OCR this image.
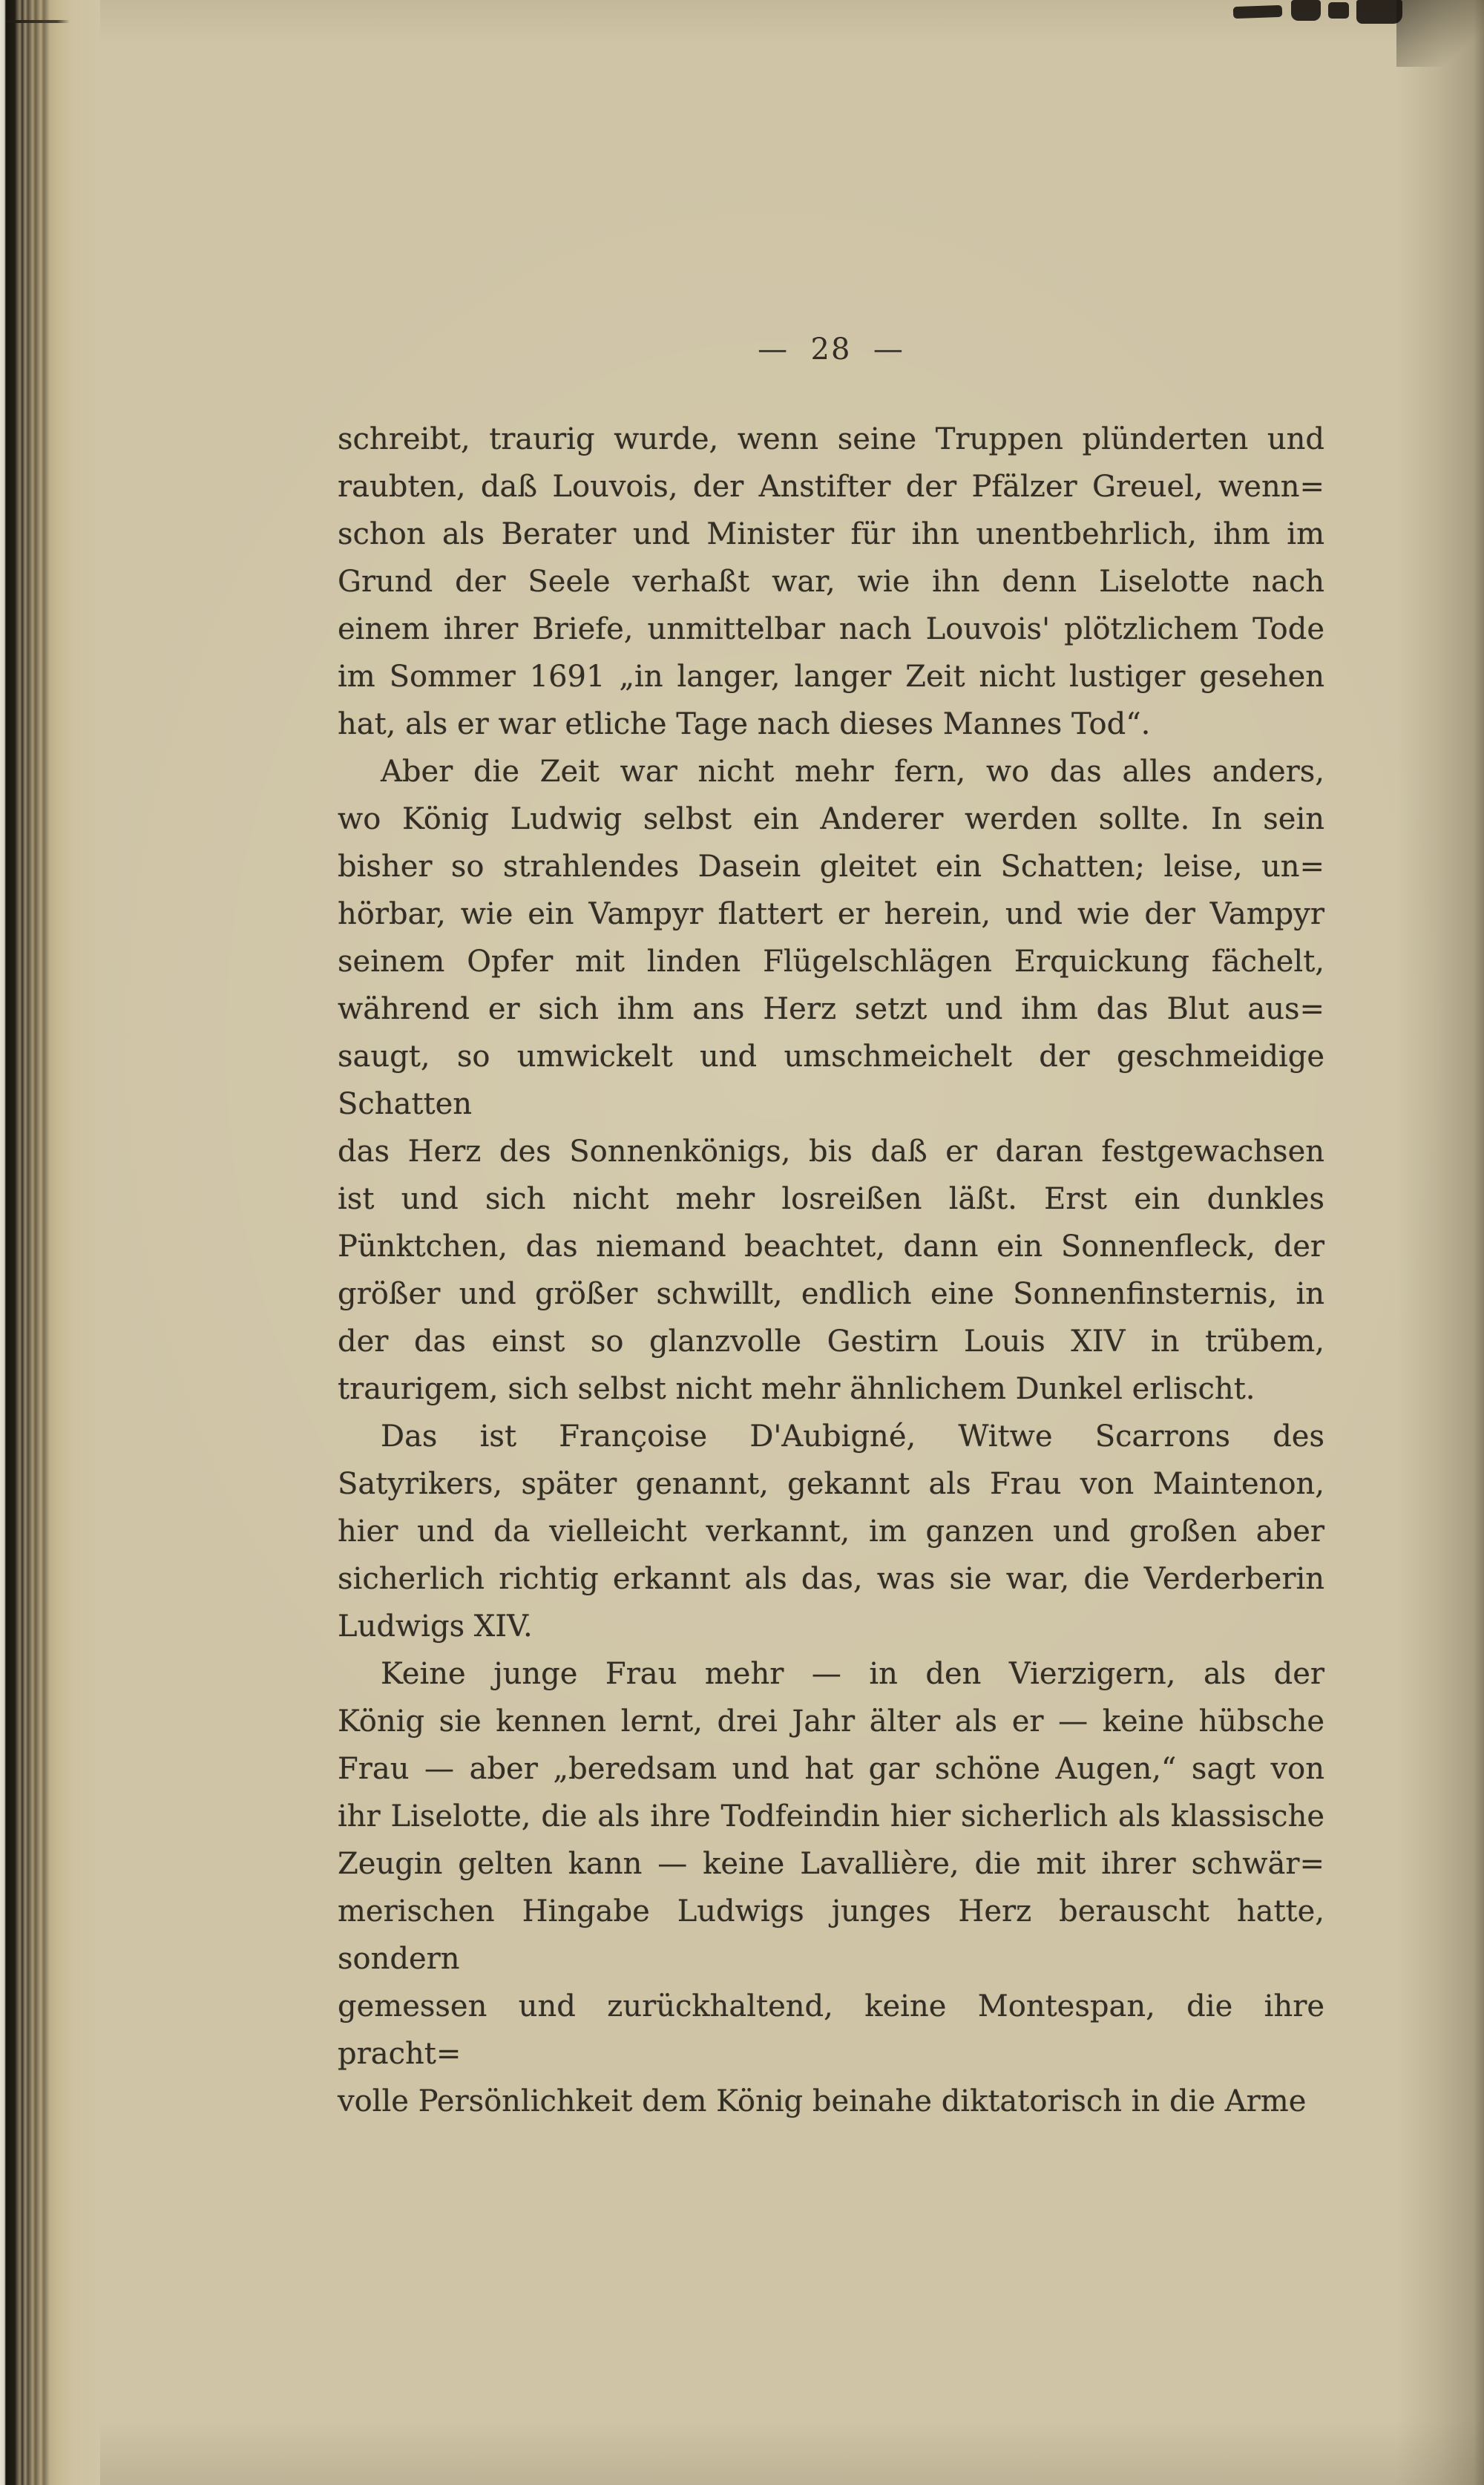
—  28  —
schreibt, traurig wurde, wenn seine Truppen plünderten und
raubten, daß Louvois, der Anstifter der Pfälzer Greuel, wenn=
schon als Berater und Minister für ihn unentbehrlich, ihm im
Grund der Seele verhaßt war, wie ihn denn Liselotte nach
einem ihrer Briefe, unmittelbar nach Louvois' plötzlichem Tode
im Sommer 1691 „in langer, langer Zeit nicht lustiger gesehen
hat, als er war etliche Tage nach dieses Mannes Tod“.
Aber die Zeit war nicht mehr fern, wo das alles anders,
wo König Ludwig selbst ein Anderer werden sollte. In sein
bisher so strahlendes Dasein gleitet ein Schatten; leise, un=
hörbar, wie ein Vampyr flattert er herein, und wie der Vampyr
seinem Opfer mit linden Flügelschlägen Erquickung fächelt,
während er sich ihm ans Herz setzt und ihm das Blut aus=
saugt, so umwickelt und umschmeichelt der geschmeidige Schatten
das Herz des Sonnenkönigs, bis daß er daran festgewachsen
ist und sich nicht mehr losreißen läßt. Erst ein dunkles
Pünktchen, das niemand beachtet, dann ein Sonnenfleck, der
größer und größer schwillt, endlich eine Sonnenfinsternis, in
der das einst so glanzvolle Gestirn Louis XIV in trübem,
traurigem, sich selbst nicht mehr ähnlichem Dunkel erlischt.
Das ist Françoise D'Aubigné, Witwe Scarrons des
Satyrikers, später genannt, gekannt als Frau von Maintenon,
hier und da vielleicht verkannt, im ganzen und großen aber
sicherlich richtig erkannt als das, was sie war, die Verderberin
Ludwigs XIV.
Keine junge Frau mehr — in den Vierzigern, als der
König sie kennen lernt, drei Jahr älter als er — keine hübsche
Frau — aber „beredsam und hat gar schöne Augen,“ sagt von
ihr Liselotte, die als ihre Todfeindin hier sicherlich als klassische
Zeugin gelten kann — keine Lavallière, die mit ihrer schwär=
merischen Hingabe Ludwigs junges Herz berauscht hatte, sondern
gemessen und zurückhaltend, keine Montespan, die ihre pracht=
volle Persönlichkeit dem König beinahe diktatorisch in die Arme
